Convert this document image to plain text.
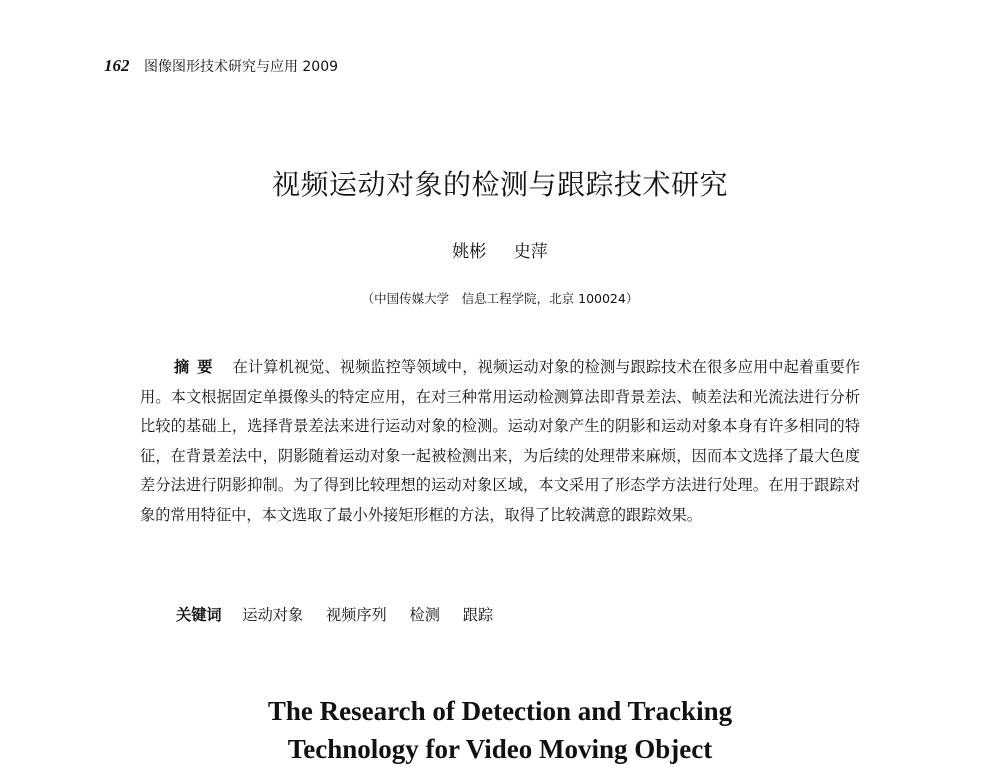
162 图像图形技术研究与应用 2009
视频运动对象的检测与跟踪技术研究
姚彬 史萍
（中国传媒大学　信息工程学院，北京 100024）
摘要 在计算机视觉、视频监控等领域中，视频运动对象的检测与跟踪技术在很多应用中起着重要作用。本文根据固定单摄像头的特定应用，在对三种常用运动检测算法即背景差法、帧差法和光流法进行分析比较的基础上，选择背景差法来进行运动对象的检测。运动对象产生的阴影和运动对象本身有许多相同的特征，在背景差法中，阴影随着运动对象一起被检测出来，为后续的处理带来麻烦，因而本文选择了最大色度差分法进行阴影抑制。为了得到比较理想的运动对象区域，本文采用了形态学方法进行处理。在用于跟踪对象的常用特征中，本文选取了最小外接矩形框的方法，取得了比较满意的跟踪效果。
关键词 运动对象 视频序列 检测 跟踪
The Research of Detection and Tracking
Technology for Video Moving Object
